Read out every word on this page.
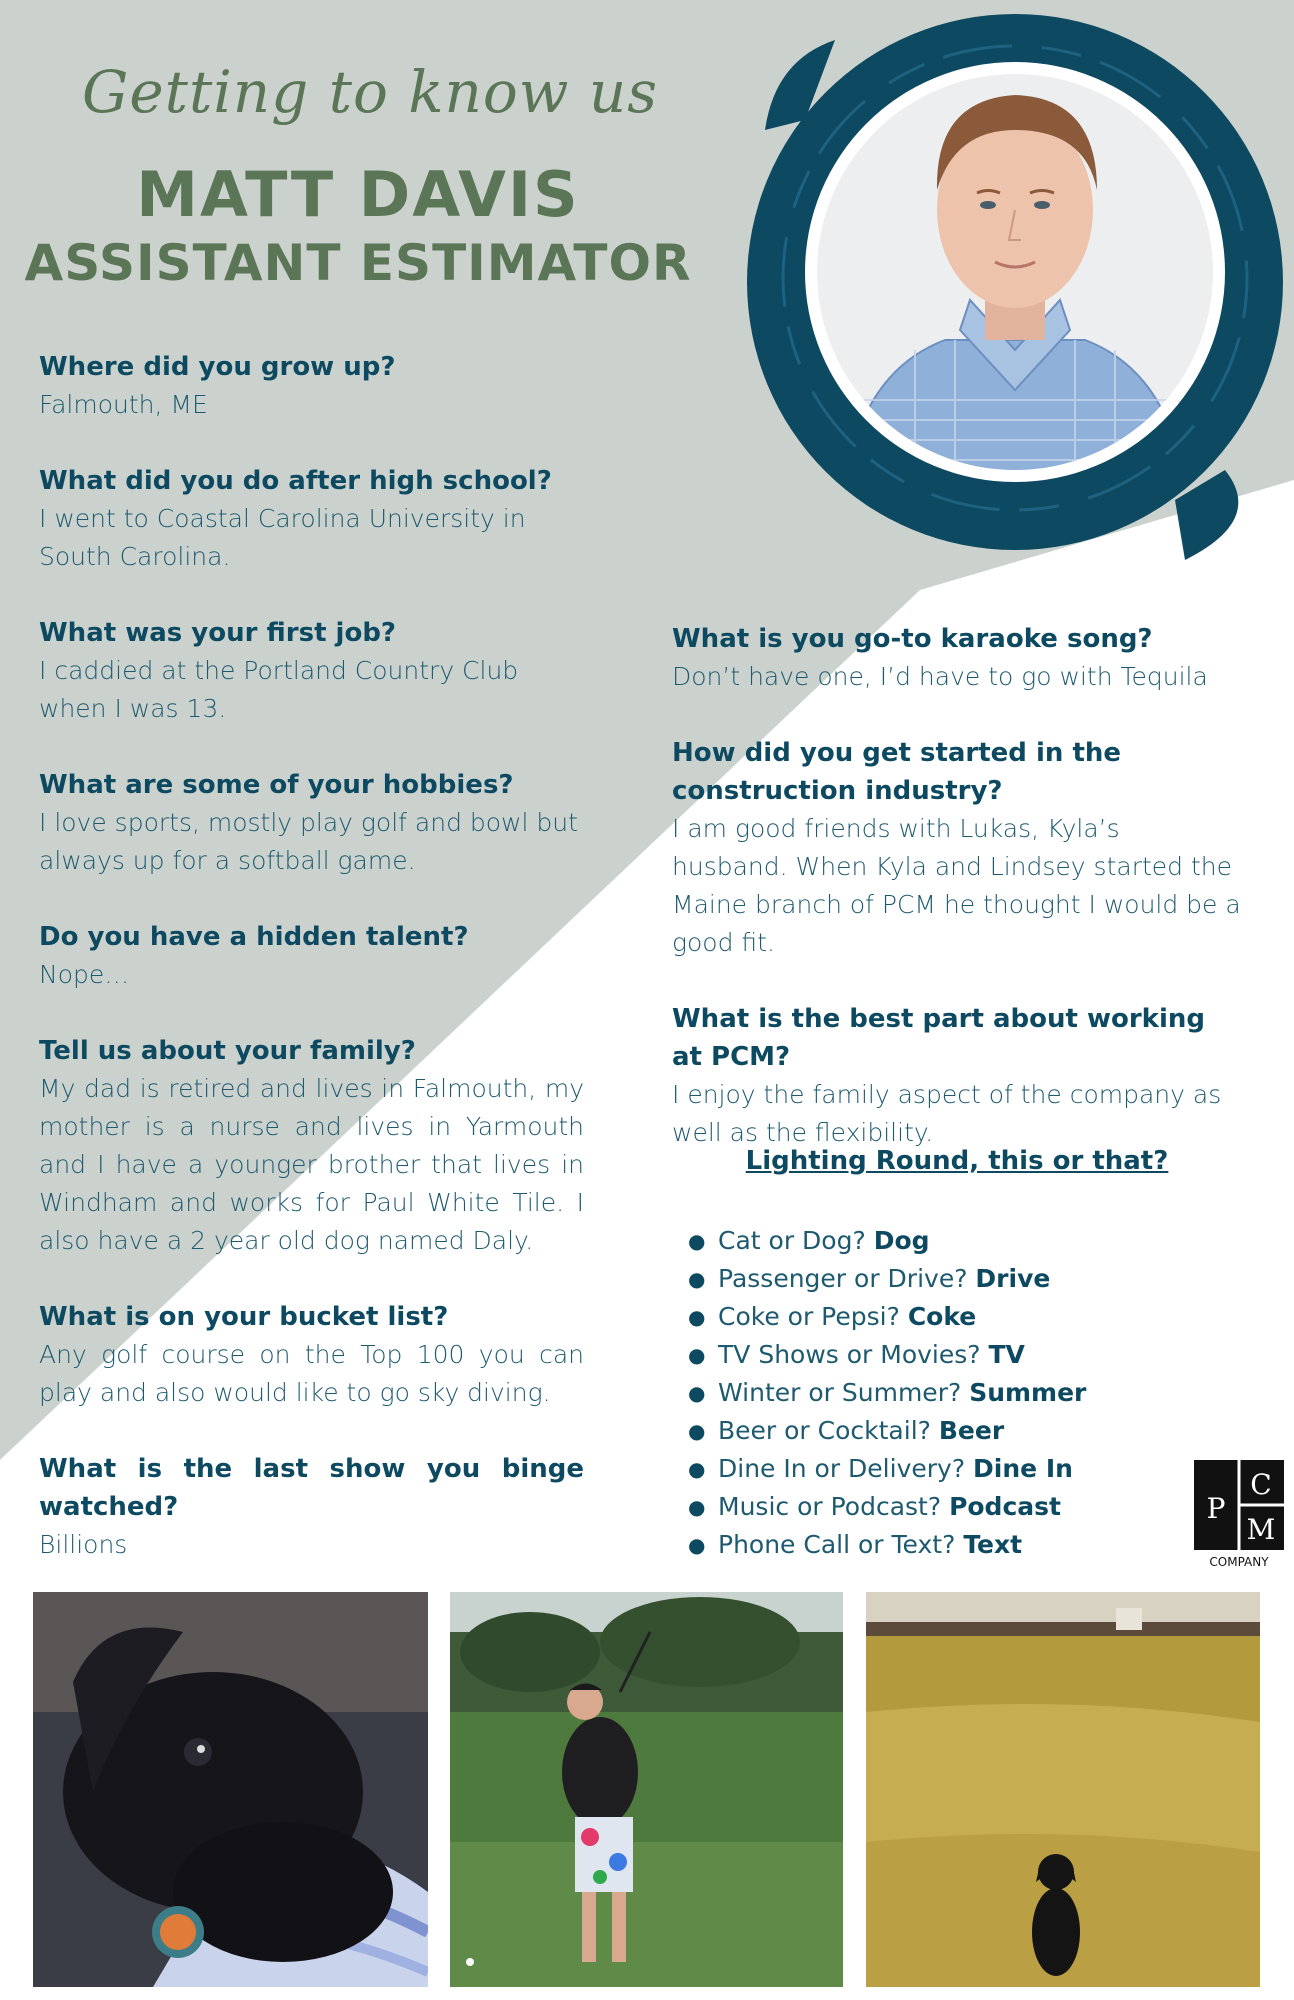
Getting to know us
MATT DAVIS
ASSISTANT ESTIMATOR

Where did you grow up?

Falmouth, ME

What did you do after high school?

I went to Coastal Carolina University in South Carolina.

What was your first job?

I caddied at the Portland Country Club when I was 13.

What are some of your hobbies?

I love sports, mostly play golf and bowl but always up for a softball game.

Do you have a hidden talent?

Nope…

Tell us about your family?

My dad is retired and lives in Falmouth, my mother is a nurse and lives in Yarmouth and I have a younger brother that lives in Windham and works for Paul White Tile. I also have a 2 year old dog named Daly.

What is on your bucket list?

Any golf course on the Top 100 you can play and also would like to go sky diving.

What is the last show you binge watched?

Billions

What is you go-to karaoke song?

Don’t have one, I’d have to go with Tequila

How did you get started in the construction industry?

I am good friends with Lukas, Kyla’s husband. When Kyla and Lindsey started the Maine branch of PCM he thought I would be a good fit.

What is the best part about working at PCM?

I enjoy the family aspect of the company as well as the flexibility.

Lighting Round, this or that?
● Cat or Dog? Dog
● Passenger or Drive? Drive
● Coke or Pepsi? Coke
● TV Shows or Movies? TV
● Winter or Summer? Summer
● Beer or Cocktail? Beer
● Dine In or Delivery? Dine In
● Music or Podcast? Podcast
● Phone Call or Text? Text
P
C
M
COMPANY
